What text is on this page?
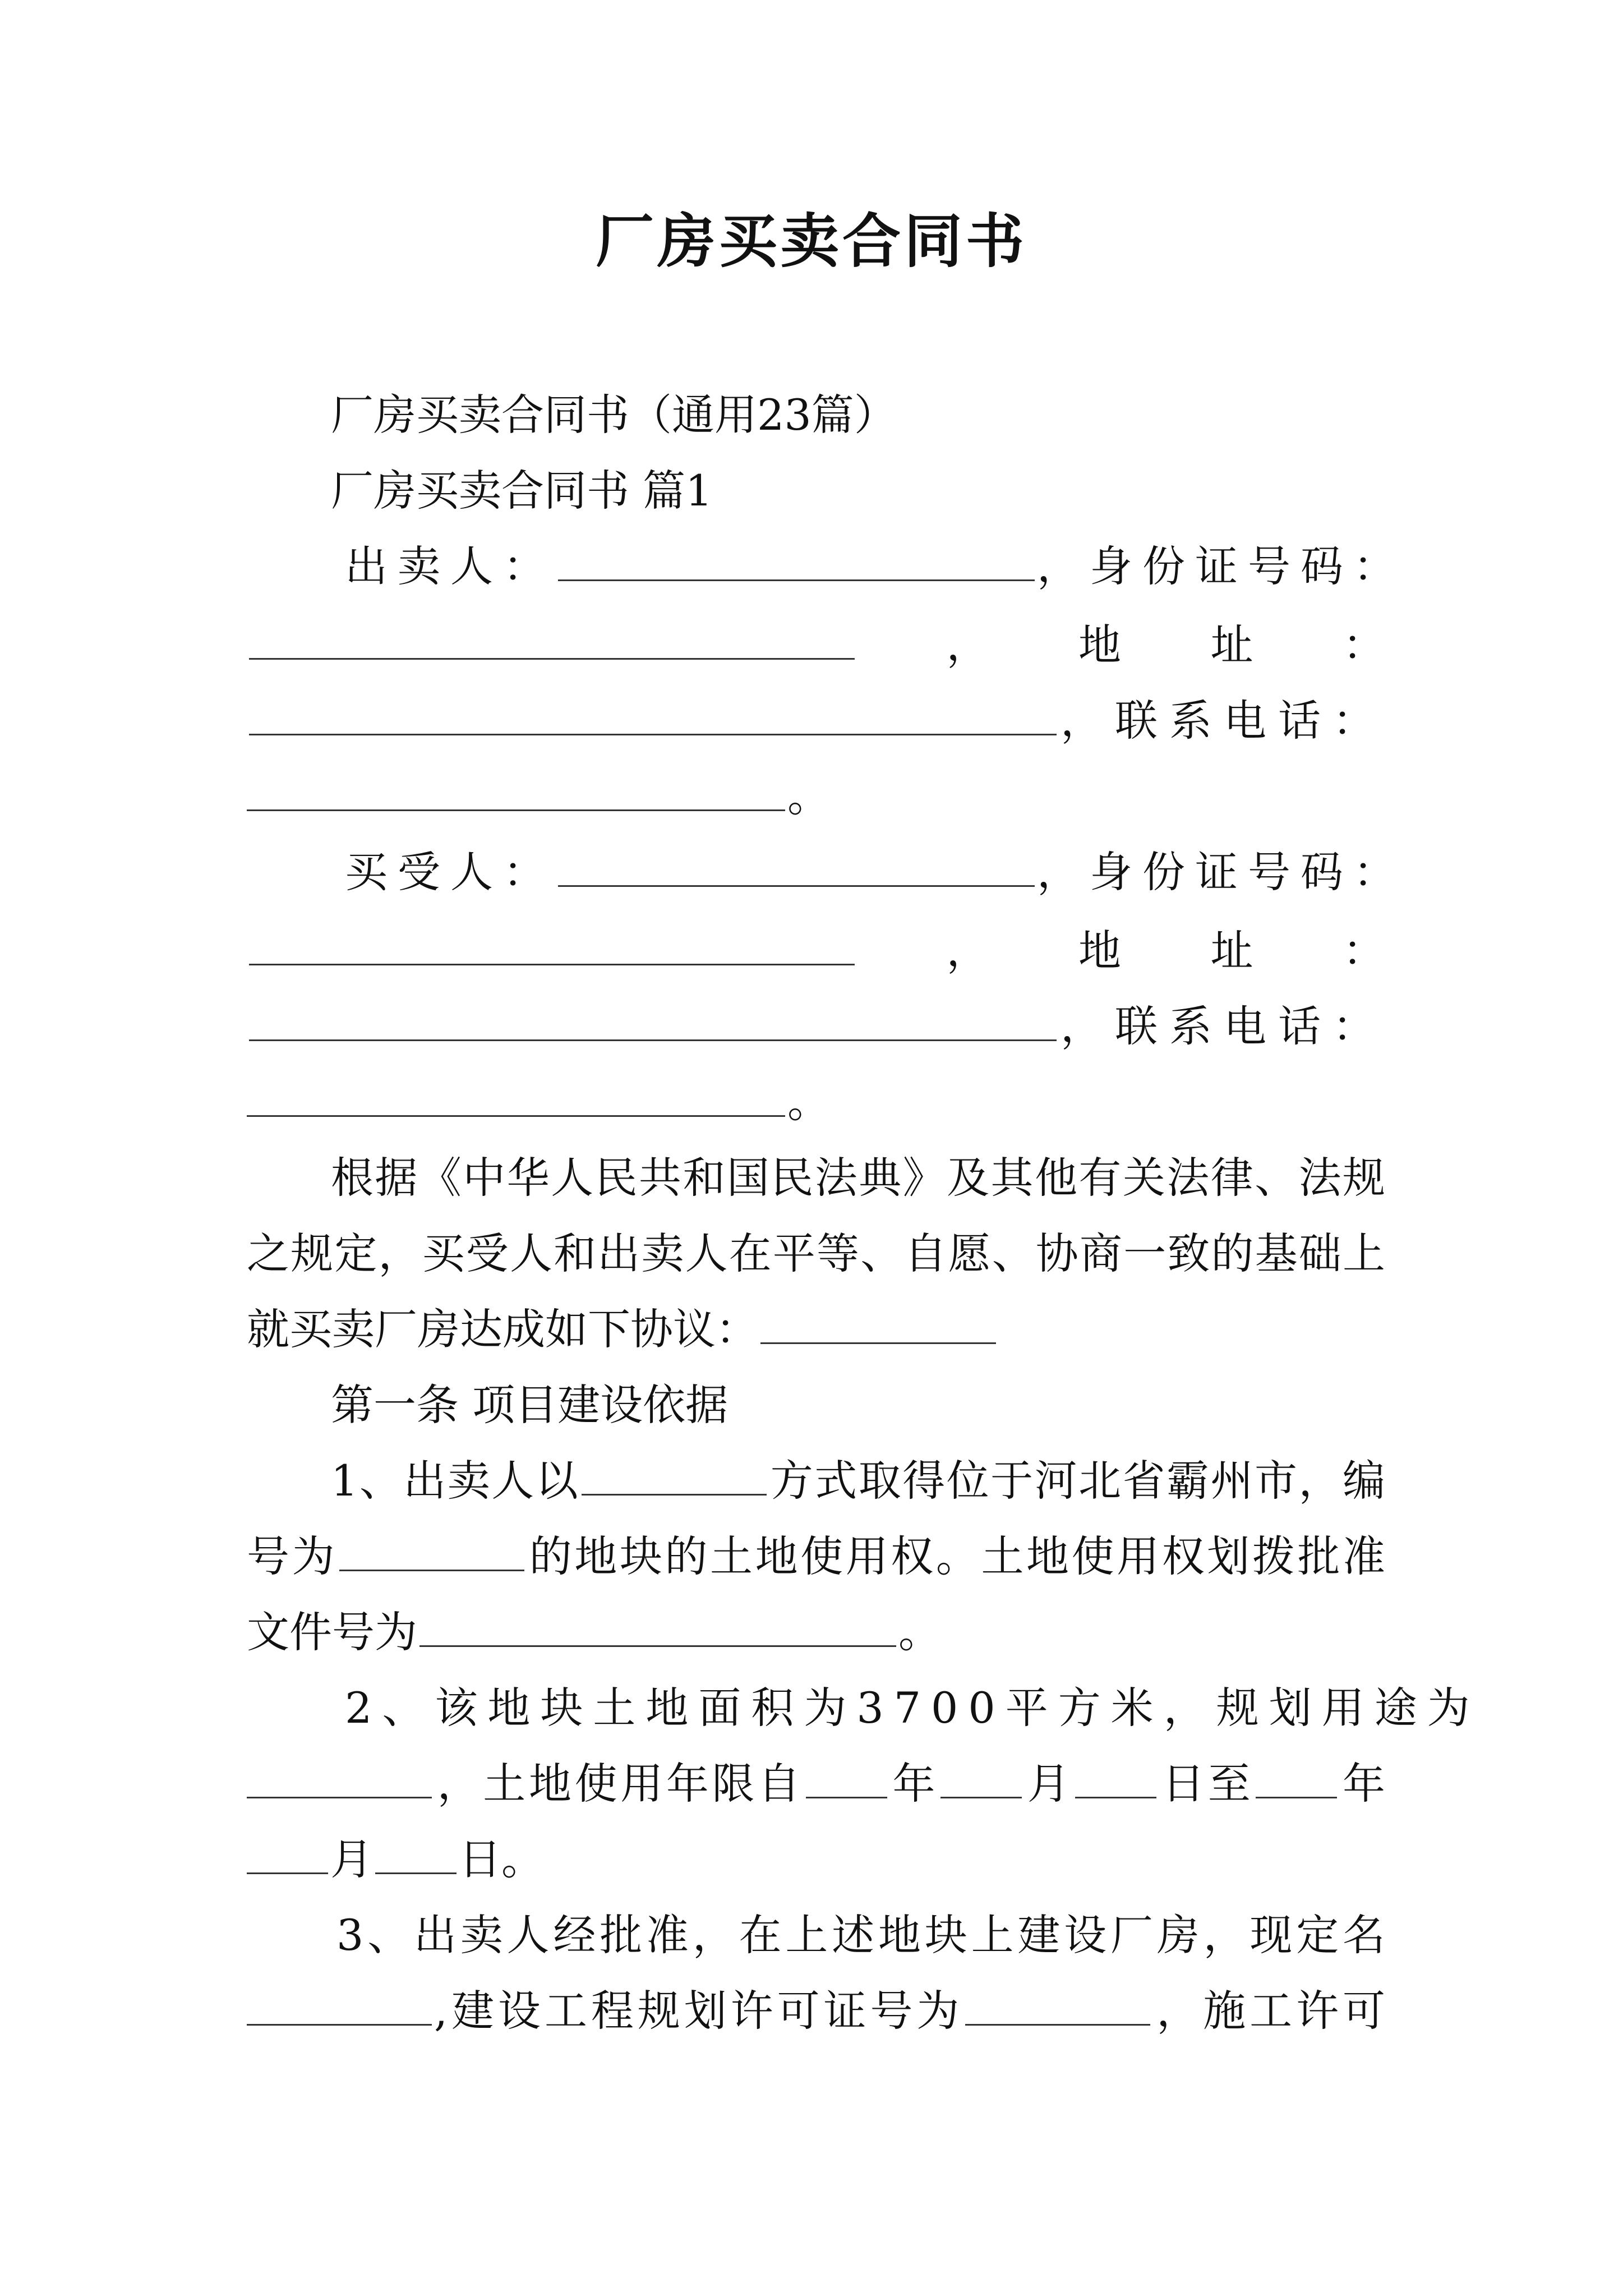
厂房买卖合同书
厂房买卖合同书（通用23篇）
厂房买卖合同书 篇1
出卖人：	，身份证号码：
，地址：
，联系电话：
。
买受人：	，身份证号码：
，地址：
，联系电话：
。
根据《中华人民共和国民法典》及其他有关法律、法规
之规定，买受人和出卖人在平等、自愿、协商一致的基础上
就买卖厂房达成如下协议：
第一条 项目建设依据
1、出卖人以	方式取得位于河北省霸州市，编
号为	的地块的土地使用权。土地使用权划拨批准
文件号为	。
2、该地块土地面积为3700平方米，规划用途为
，土地使用年限自 年 月 日至 年
月 日。
3、出卖人经批准，在上述地块上建设厂房，现定名
,建设工程规划许可证号为	，施工许可
